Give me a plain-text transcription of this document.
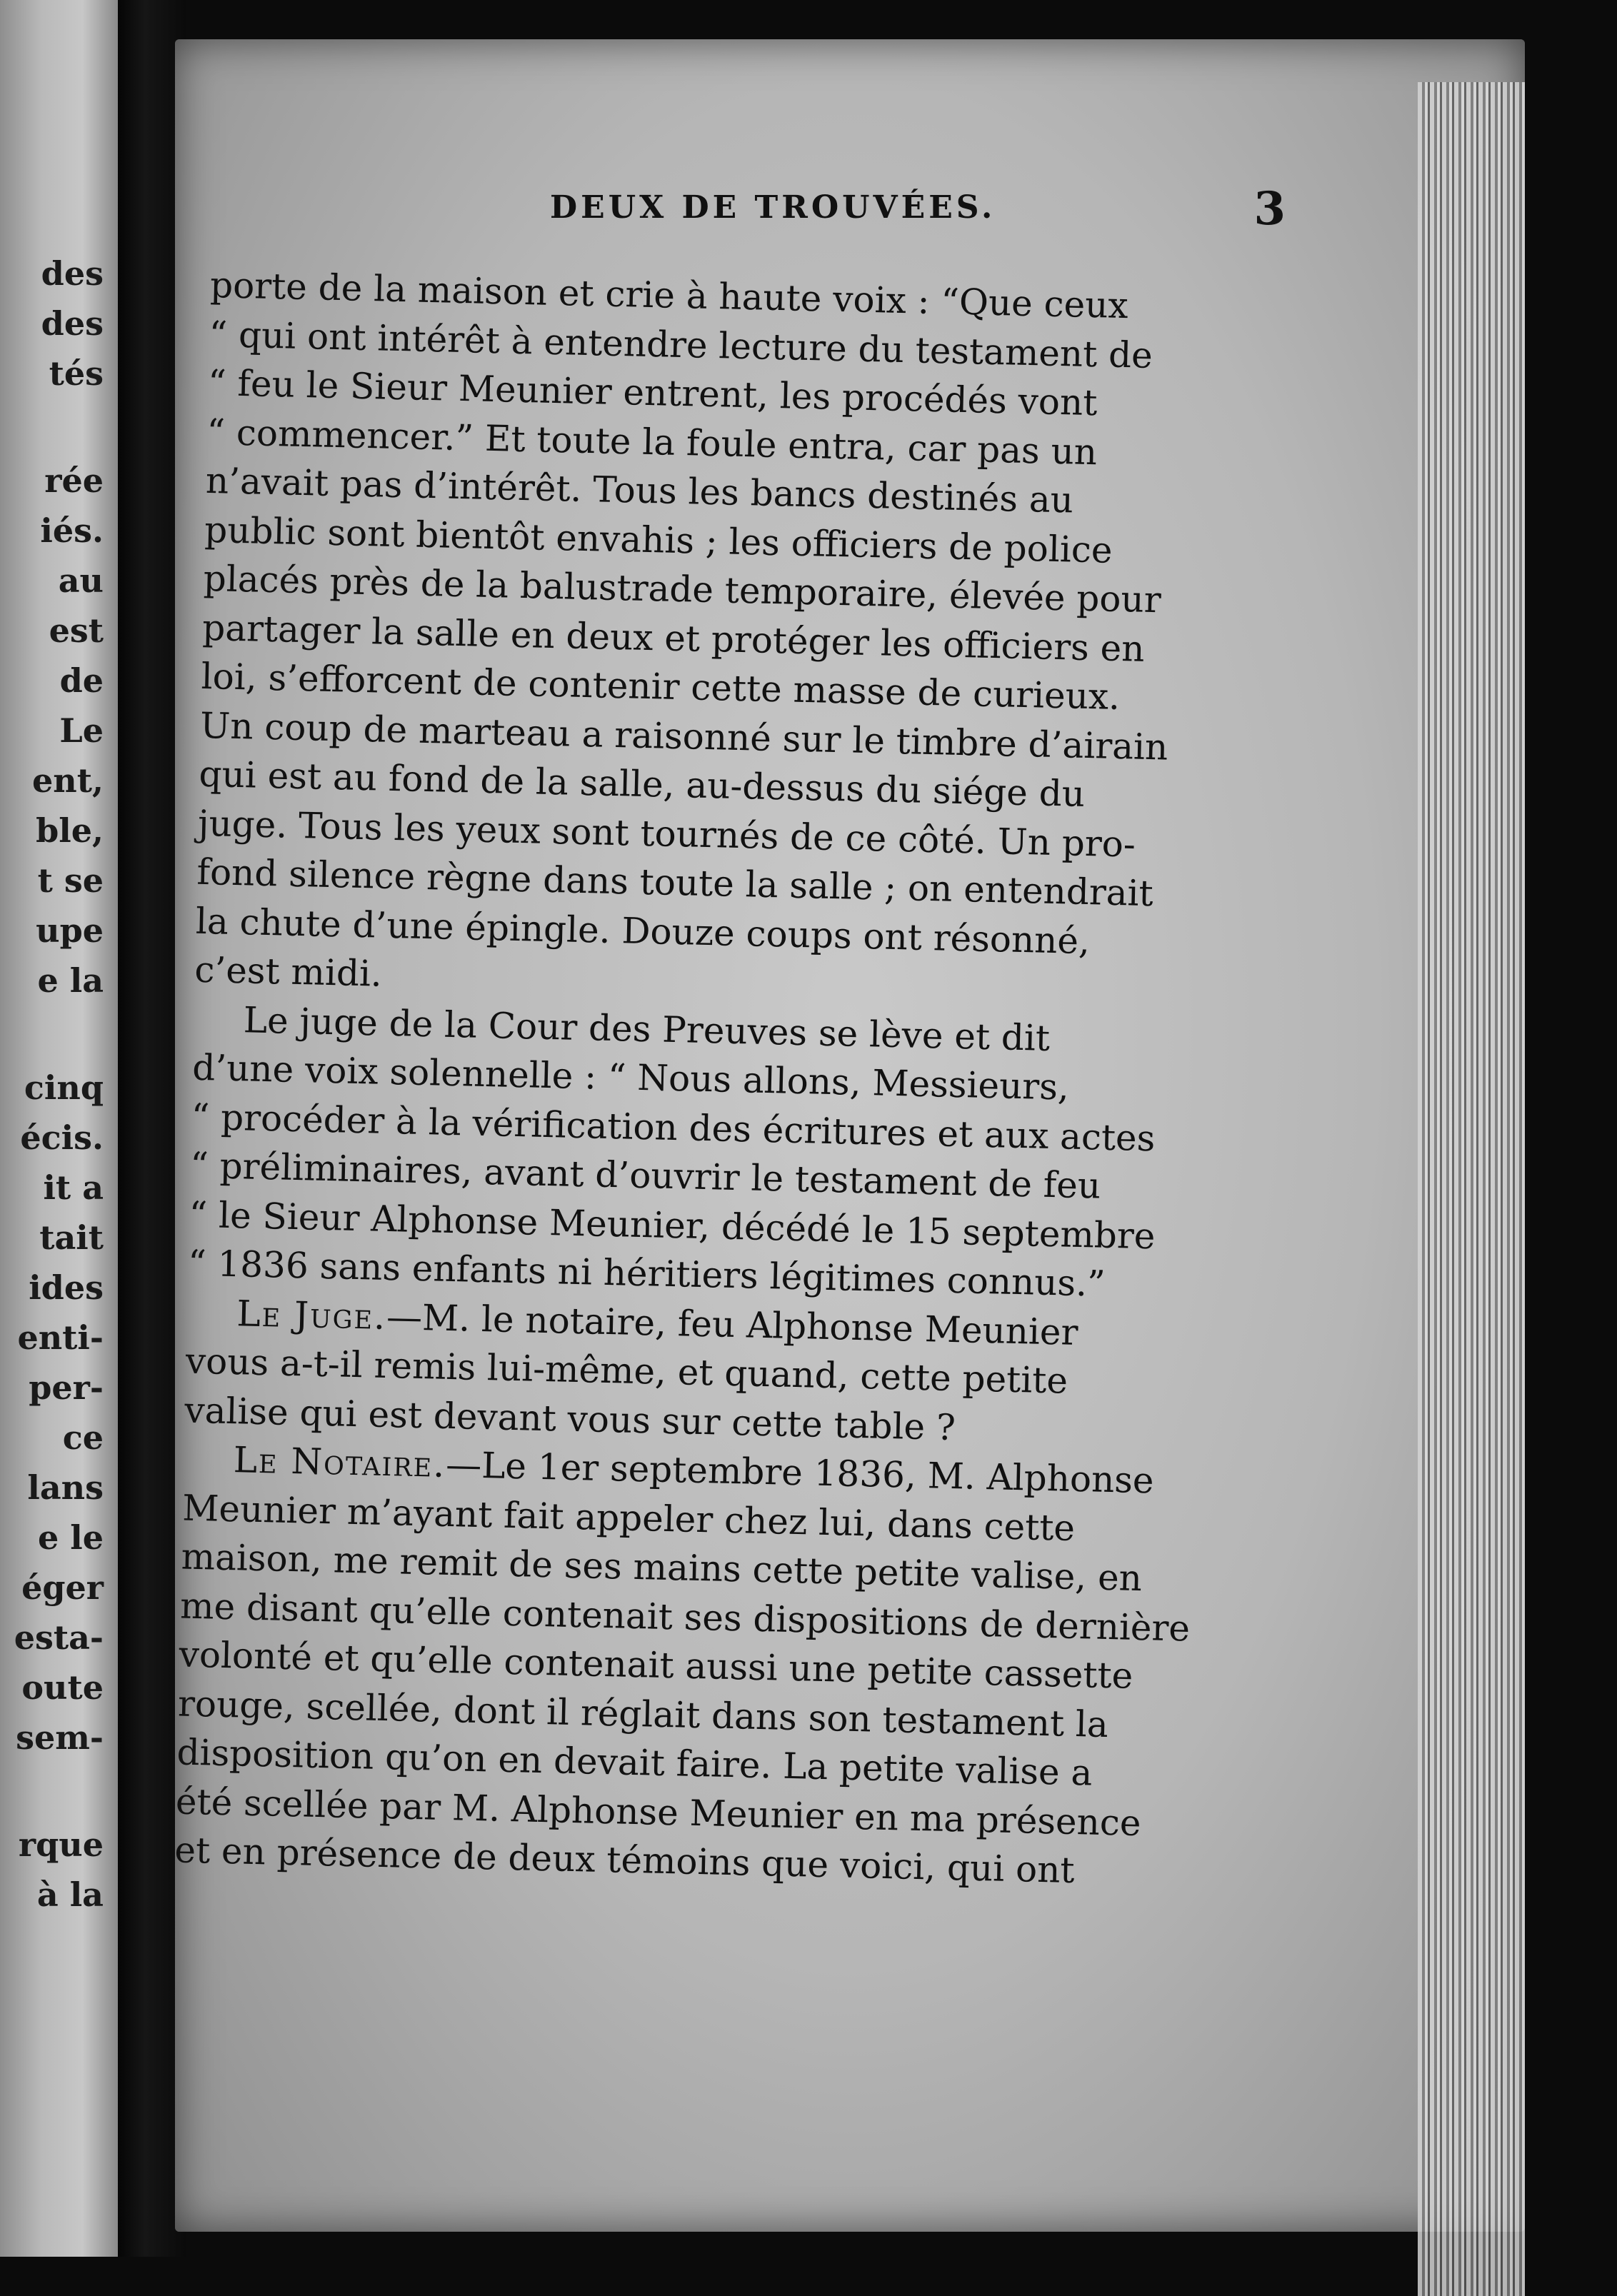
des
des
tés
rée
iés.
au
est
de
Le
ent,
ble,
t se
upe
e la
cinq
écis.
it a
tait
ides
enti-
per-
ce
lans
e le
éger
esta-
oute
sem-
rque
à la
DEUX DE TROUVÉES.	3
porte de la maison et crie à haute voix : “Que ceux
“ qui ont intérêt à entendre lecture du testament de
“ feu le Sieur Meunier entrent, les procédés vont
“ commencer.” Et toute la foule entra, car pas un
n’avait pas d’intérêt. Tous les bancs destinés au
public sont bientôt envahis ; les officiers de police
placés près de la balustrade temporaire, élevée pour
partager la salle en deux et protéger les officiers en
loi, s’efforcent de contenir cette masse de curieux.
Un coup de marteau a raisonné sur le timbre d’airain
qui est au fond de la salle, au-dessus du siége du
juge. Tous les yeux sont tournés de ce côté. Un pro-
fond silence règne dans toute la salle ; on entendrait
la chute d’une épingle. Douze coups ont résonné,
c’est midi.
Le juge de la Cour des Preuves se lève et dit
d’une voix solennelle : “ Nous allons, Messieurs,
“ procéder à la vérification des écritures et aux actes
“ préliminaires, avant d’ouvrir le testament de feu
“ le Sieur Alphonse Meunier, décédé le 15 septembre
“ 1836 sans enfants ni héritiers légitimes connus.”
Le Juge.—M. le notaire, feu Alphonse Meunier
vous a-t-il remis lui-même, et quand, cette petite
valise qui est devant vous sur cette table ?
Le Notaire.—Le 1er septembre 1836, M. Alphonse
Meunier m’ayant fait appeler chez lui, dans cette
maison, me remit de ses mains cette petite valise, en
me disant qu’elle contenait ses dispositions de dernière
volonté et qu’elle contenait aussi une petite cassette
rouge, scellée, dont il réglait dans son testament la
disposition qu’on en devait faire. La petite valise a
été scellée par M. Alphonse Meunier en ma présence
et en présence de deux témoins que voici, qui ont
